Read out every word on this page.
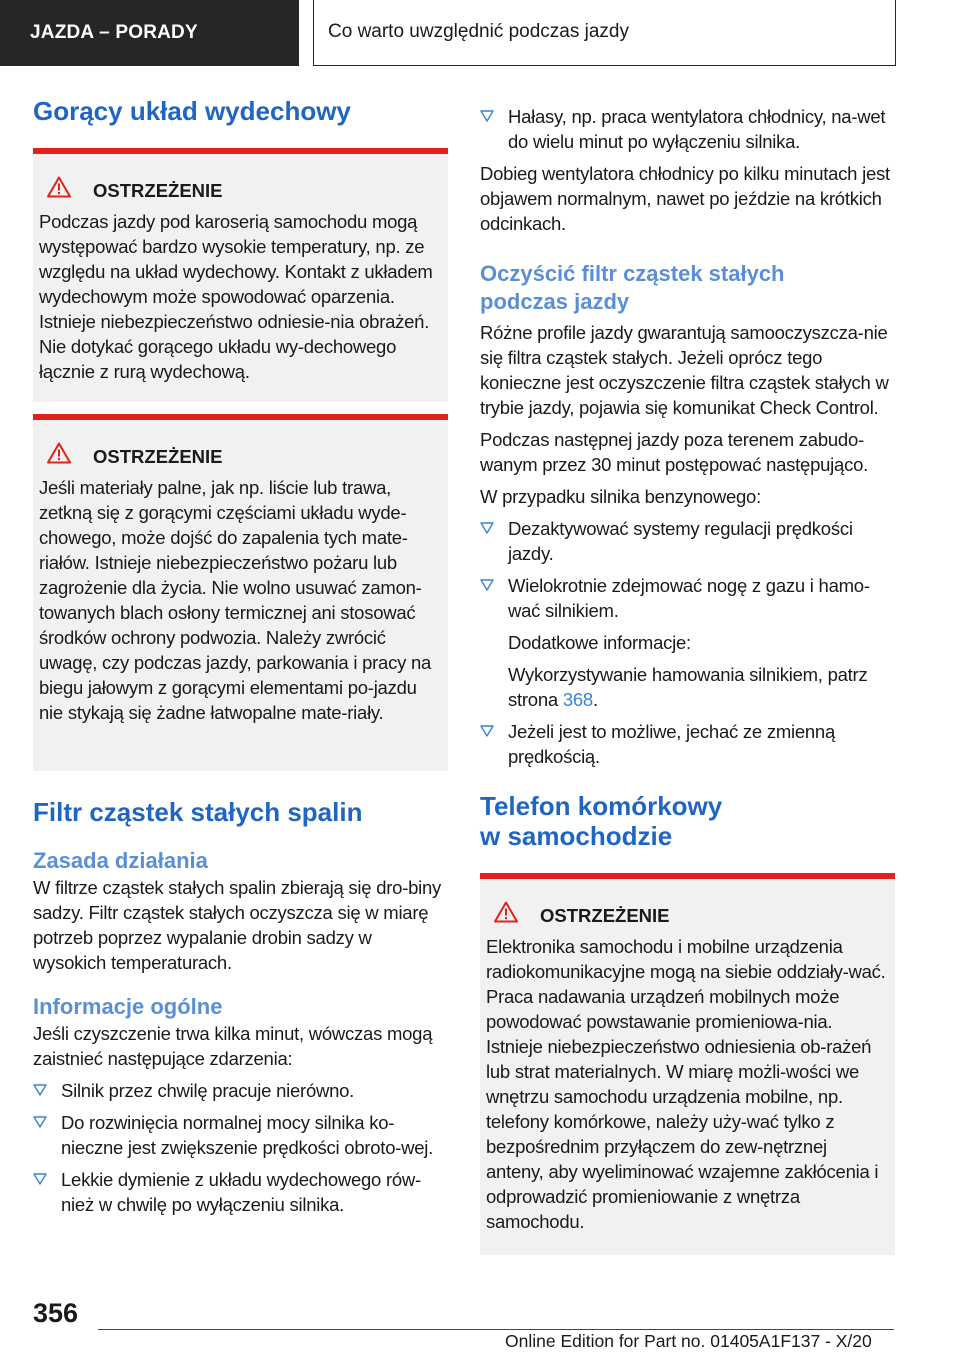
JAZDA – PORADY	Co warto uwzględnić podczas jazdy
Gorący układ wydechowy
OSTRZEŻENIE

Podczas jazdy pod karoserią samochodu mogą występować bardzo wysokie temperatury, np. ze względu na układ wydechowy. Kontakt z układem wydechowym może spowodować oparzenia. Istnieje niebezpieczeństwo odniesie-nia obrażeń. Nie dotykać gorącego układu wy-dechowego łącznie z rurą wydechową.

OSTRZEŻENIE

Jeśli materiały palne, jak np. liście lub trawa, zetkną się z gorącymi częściami układu wyde-chowego, może dojść do zapalenia tych mate-riałów. Istnieje niebezpieczeństwo pożaru lub zagrożenie dla życia. Nie wolno usuwać zamon-towanych blach osłony termicznej ani stosować środków ochrony podwozia. Należy zwrócić uwagę, czy podczas jazdy, parkowania i pracy na biegu jałowym z gorącymi elementami po-jazdu nie stykają się żadne łatwopalne mate-riały.

Filtr cząstek stałych spalin
Zasada działania

W filtrze cząstek stałych spalin zbierają się dro-biny sadzy. Filtr cząstek stałych oczyszcza się w miarę potrzeb poprzez wypalanie drobin sadzy w wysokich temperaturach.

Informacje ogólne

Jeśli czyszczenie trwa kilka minut, wówczas mogą zaistnieć następujące zdarzenia:

Silnik przez chwilę pracuje nierówno.
Do rozwinięcia normalnej mocy silnika ko-nieczne jest zwiększenie prędkości obroto-wej.
Lekkie dymienie z układu wydechowego rów-nież w chwilę po wyłączeniu silnika.
Hałasy, np. praca wentylatora chłodnicy, na-wet do wielu minut po wyłączeniu silnika.

Dobieg wentylatora chłodnicy po kilku minutach jest objawem normalnym, nawet po jeździe na krótkich odcinkach.

Oczyścić filtr cząstek stałych podczas jazdy

Różne profile jazdy gwarantują samooczyszcza-nie się filtra cząstek stałych. Jeżeli oprócz tego konieczne jest oczyszczenie filtra cząstek stałych w trybie jazdy, pojawia się komunikat Check Control.

Podczas następnej jazdy poza terenem zabudo-wanym przez 30 minut postępować następująco.

W przypadku silnika benzynowego:

Dezaktywować systemy regulacji prędkości jazdy.
Wielokrotnie zdejmować nogę z gazu i hamo-wać silnikiem.
Dodatkowe informacje:
Wykorzystywanie hamowania silnikiem, patrz strona 368.
Jeżeli jest to możliwe, jechać ze zmienną prędkością.
Telefon komórkowy w samochodzie
OSTRZEŻENIE

Elektronika samochodu i mobilne urządzenia radiokomunikacyjne mogą na siebie oddziały-wać. Praca nadawania urządzeń mobilnych może powodować powstawanie promieniowa-nia. Istnieje niebezpieczeństwo odniesienia ob-rażeń lub strat materialnych. W miarę możli-wości we wnętrzu samochodu urządzenia mobilne, np. telefony komórkowe, należy uży-wać tylko z bezpośrednim przyłączem do zew-nętrznej anteny, aby wyeliminować wzajemne zakłócenia i odprowadzić promieniowanie z wnętrza samochodu.

356
Online Edition for Part no. 01405A1F137 - X/20
